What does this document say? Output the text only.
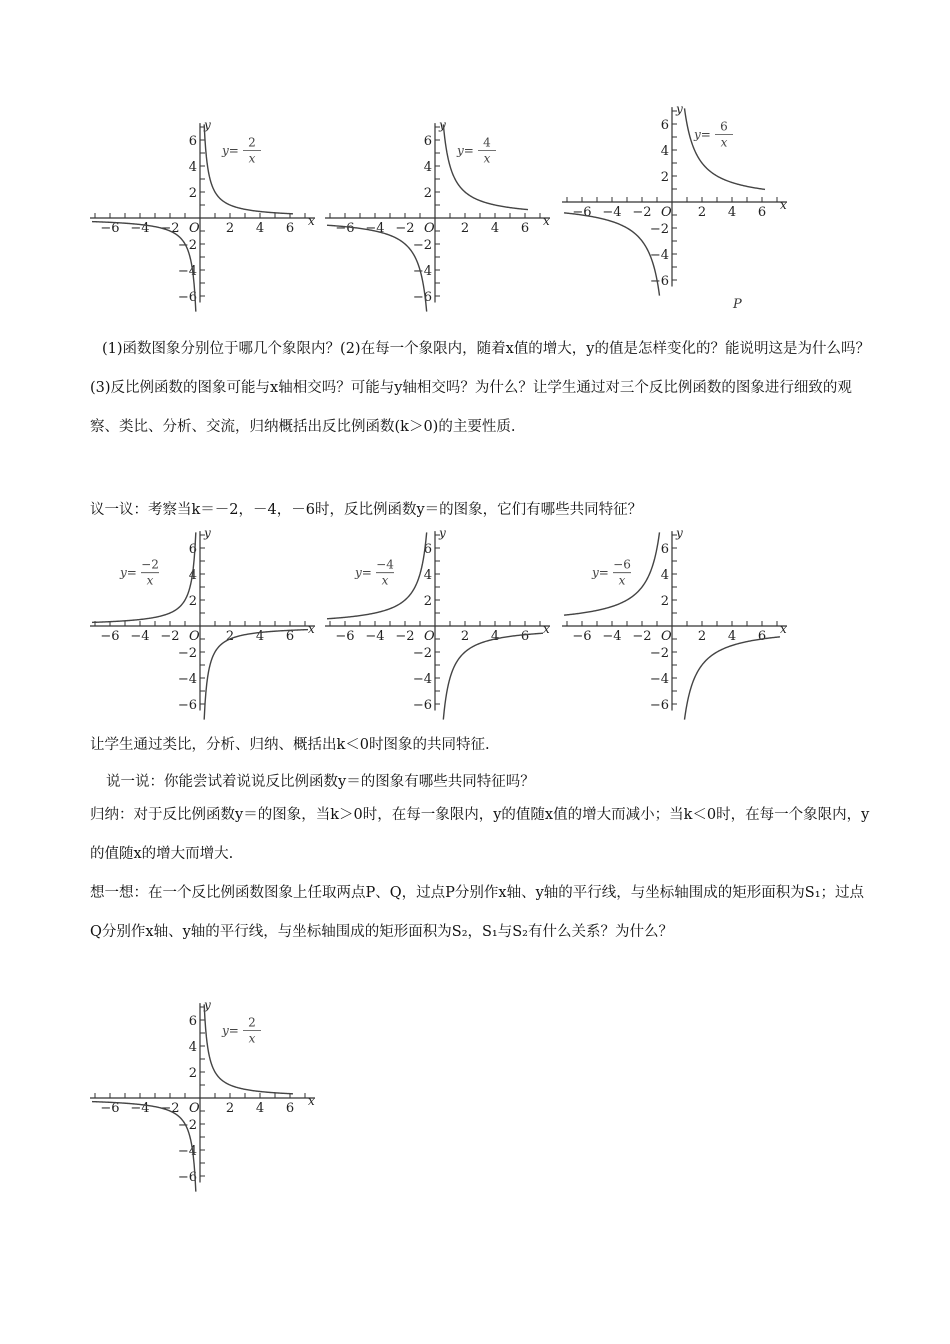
−6 −4 −2	2 4 6
6
4
2
−2
−4
−6
x
y
O
y=
2
x
−6 −4 −2	2 4 6
6
4
2
−2
−4
−6
x
y
O
y=
4
x
−6 −4 −2	2 4 6
6
4
2
−2
−4
−6
x
y
O
y=
6
x
P

(1)函数图象分别位于哪几个象限内？(2)在每一个象限内，随着x值的增大，y的值是怎样变化的？能说明这是为什么吗？(3)反比例函数的图象可能与x轴相交吗？可能与y轴相交吗？为什么？让学生通过对三个反比例函数的图象进行细致的观察、类比、分析、交流，归纳概括出反比例函数(k＞0)的主要性质.

议一议：考察当k＝－2，－4，－6时，反比例函数y＝的图象，它们有哪些共同特征？
−6 −4 −2	2 4 6
6
4
2
−2
−4
−6
x
y
O
y=
−2
x
−6 −4 −2	2 4 6
6
4
2
−2
−4
−6
x
y
O
y=
−4
x
−6 −4 −2	2 4 6
6
4
2
−2
−4
−6
x
y
O
y=
−6
x
让学生通过类比，分析、归纳、概括出k＜0时图象的共同特征.
说一说：你能尝试着说说反比例函数y＝的图象有哪些共同特征吗？

归纳：对于反比例函数y＝的图象，当k＞0时，在每一象限内，y的值随x值的增大而减小；当k＜0时，在每一个象限内，y的值随x的增大而增大.

想一想：在一个反比例函数图象上任取两点P、Q，过点P分别作x轴、y轴的平行线，与坐标轴围成的矩形面积为S₁；过点Q分别作x轴、y轴的平行线，与坐标轴围成的矩形面积为S₂，S₁与S₂有什么关系？为什么？

−6 −4 −2	2 4 6
6
4
2
−2
−4
−6
x
y
O
y=
2
x
